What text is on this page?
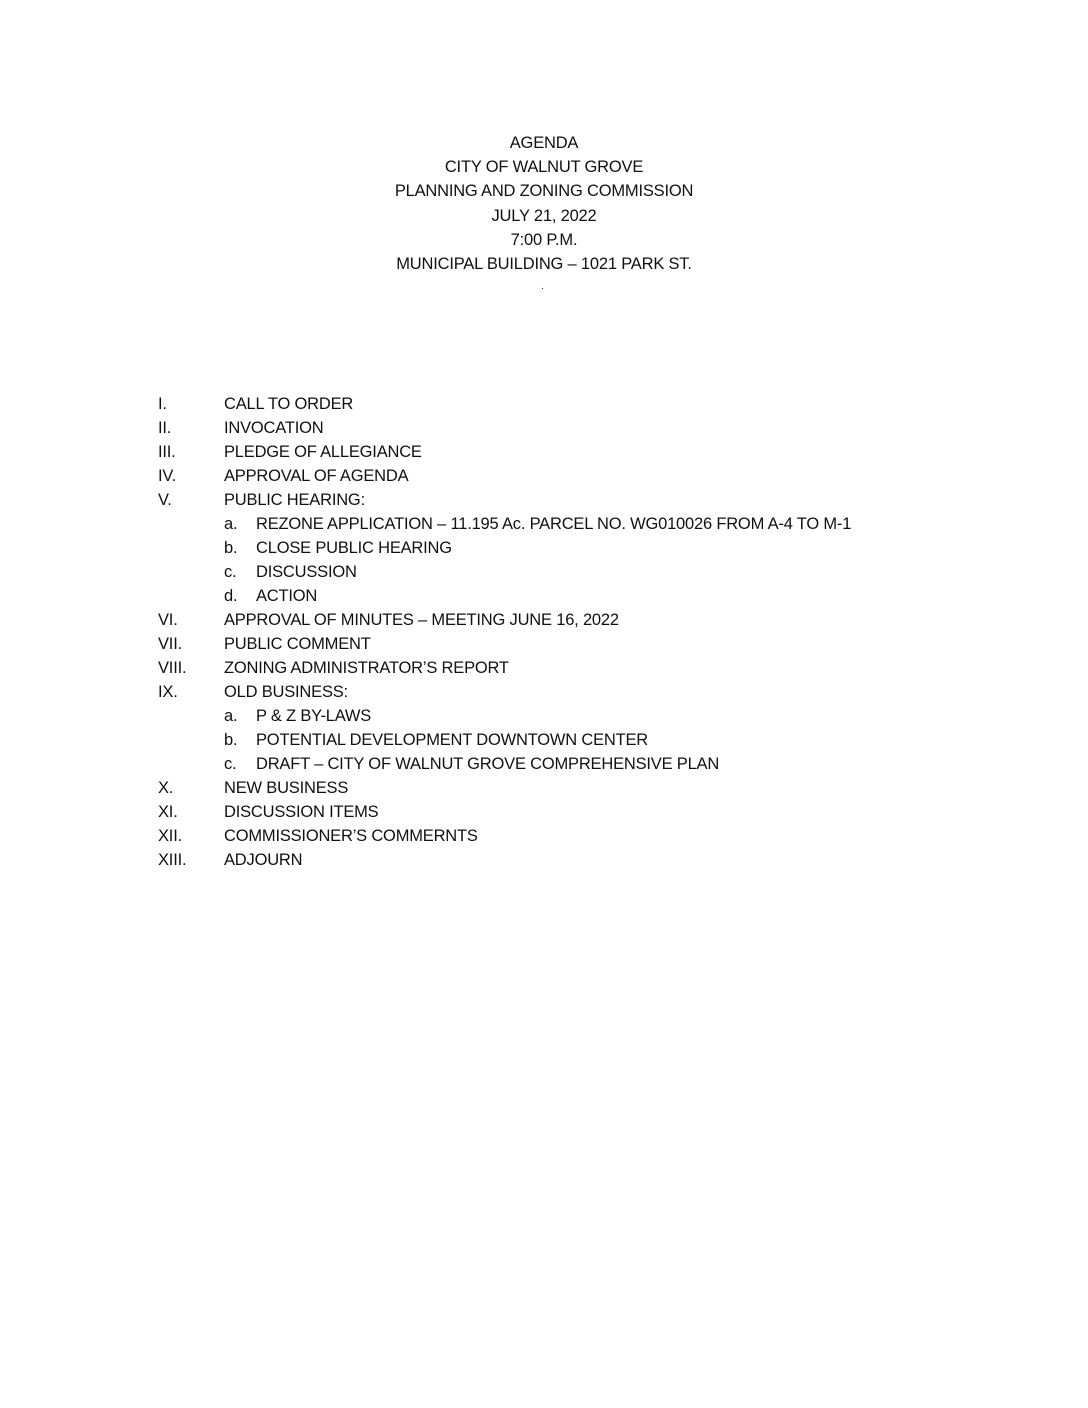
AGENDA
CITY OF WALNUT GROVE
PLANNING AND ZONING COMMISSION
JULY 21, 2022
7:00 P.M.
MUNICIPAL BUILDING – 1021 PARK ST.
.
I.	CALL TO ORDER
II.	INVOCATION
III.	PLEDGE OF ALLEGIANCE
IV.	APPROVAL OF AGENDA
V.	PUBLIC HEARING:
a. REZONE APPLICATION – 11.195 Ac. PARCEL NO. WG010026 FROM A-4 TO M-1
b. CLOSE PUBLIC HEARING
c. DISCUSSION
d. ACTION
VI.	APPROVAL OF MINUTES – MEETING JUNE 16, 2022
VII.	PUBLIC COMMENT
VIII. ZONING ADMINISTRATOR’S REPORT
IX.	OLD BUSINESS:
a. P & Z BY-LAWS
b. POTENTIAL DEVELOPMENT DOWNTOWN CENTER
c. DRAFT – CITY OF WALNUT GROVE COMPREHENSIVE PLAN
X.	NEW BUSINESS
XI.	DISCUSSION ITEMS
XII.	COMMISSIONER’S COMMERNTS
XIII. ADJOURN
